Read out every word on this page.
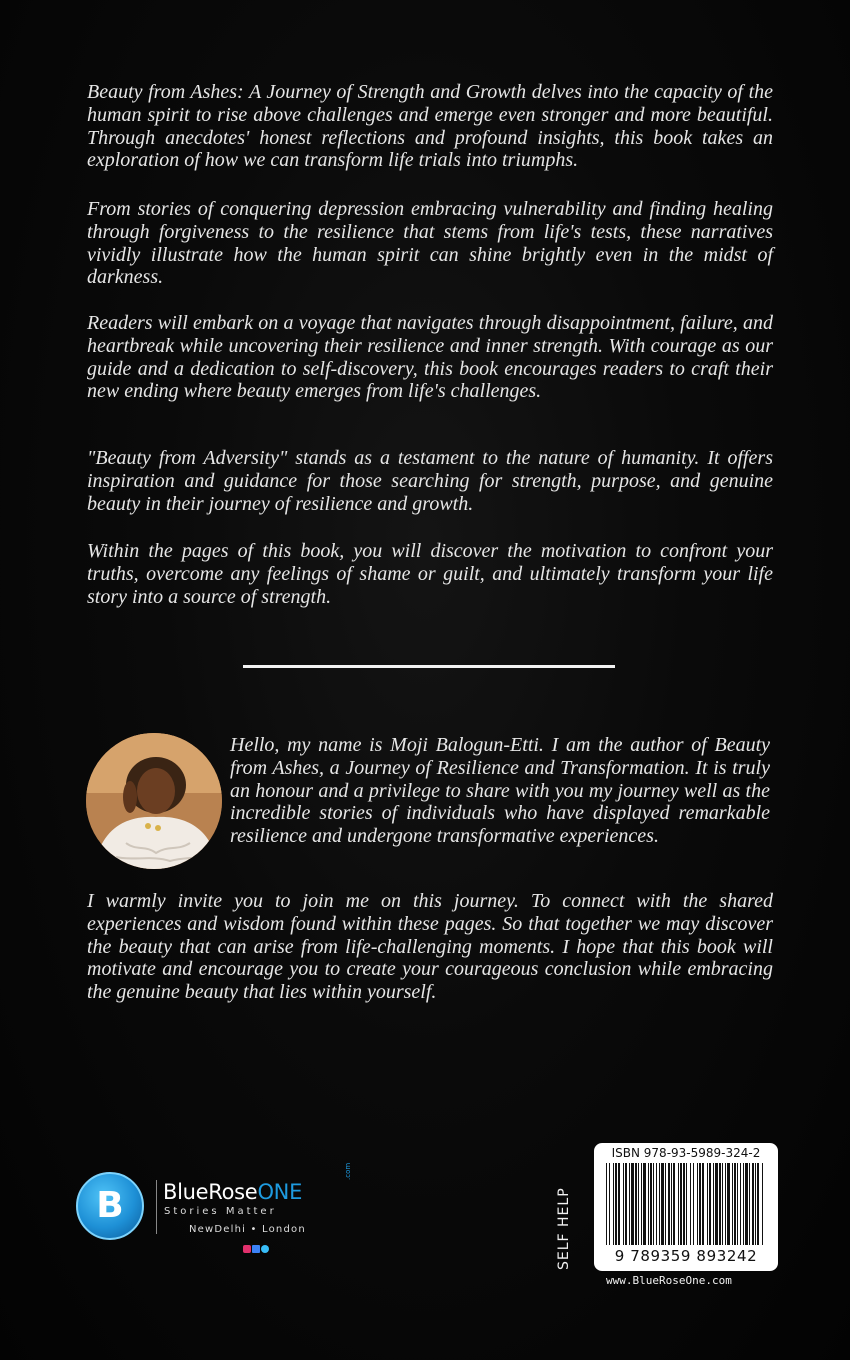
Beauty from Ashes: A Journey of Strength and Growth delves into the capacity of the human spirit to rise above challenges and emerge even stronger and more beautiful. Through anecdotes' honest reflections and profound insights, this book takes an exploration of how we can transform life trials into triumphs.

From stories of conquering depression embracing vulnerability and finding healing through forgiveness to the resilience that stems from life's tests, these narratives vividly illustrate how the human spirit can shine brightly even in the midst of darkness.

Readers will embark on a voyage that navigates through disappointment, failure, and heartbreak while uncovering their resilience and inner strength. With courage as our guide and a dedication to self-discovery, this book encourages readers to craft their new ending where beauty emerges from life's challenges.

"Beauty from Adversity" stands as a testament to the nature of humanity. It offers inspiration and guidance for those searching for strength, purpose, and genuine beauty in their journey of resilience and growth.

Within the pages of this book, you will discover the motivation to confront your truths, overcome any feelings of shame or guilt, and ultimately transform your life story into a source of strength.

Hello, my name is Moji Balogun-Etti. I am the author of Beauty from Ashes, a Journey of Resilience and Transformation. It is truly an honour and a privilege to share with you my journey well as the incredible stories of individuals who have displayed remarkable resilience and undergone transformative experiences.

I warmly invite you to join me on this journey. To connect with the shared experiences and wisdom found within these pages. So that together we may discover the beauty that can arise from life-challenging moments. I hope that this book will motivate and encourage you to create your courageous conclusion while embracing the genuine beauty that lies within yourself.

B	BlueRoseONE
.com
Stories Matter
NewDelhi • London	SELF HELP
ISBN 978-93-5989-324-2
9 789359 893242
www.BlueRoseOne.com
